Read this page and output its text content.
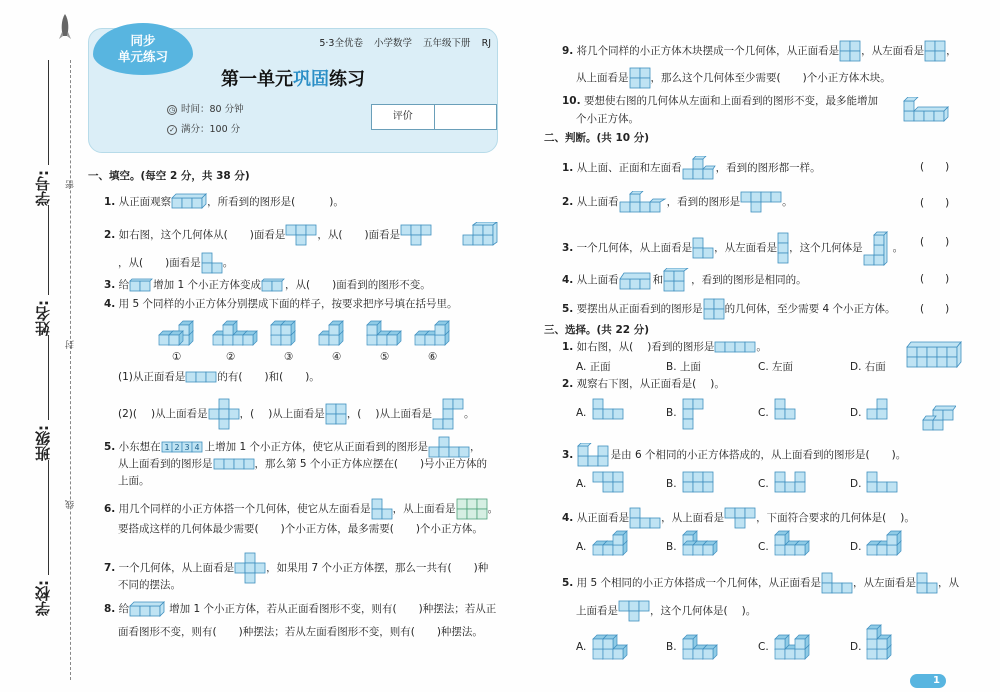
学号:
姓名:
班级:
学校:
密
封
线
同步
单元练习
5·3全优卷 小学数学 五年级下册 RJ
第一单元巩固练习
◷ 时间：80 分钟
✓ 满分：100 分
评价
一、填空。(每空 2 分，共 38 分)
1. 从正面观察	，所看到的图形是(	)。
2. 如右图，这个几何体从( )面看是	，从( )面看是
，从( )面看是 。
3. 给 增加 1 个小正方体变成 ，从( )面看到的图形不变。
4. 用 5 个同样的小正方体分别摆成下面的样子，按要求把序号填在括号里。
①	②	③	④	⑤	⑥
(1)从正面看是	的有( )和( )。
(2)( )从上面看是	，( )从上面看是 ，( )从上面看是	。
5. 小东想在 1 2 3 4 上增加 1 个小正方体，使它从正面看到的图形是	，
从上面看到的图形是	，那么第 5 个小正方体应摆在( )号小正方体的
上面。
6. 用几个同样的小正方体搭一个几何体，使它从左面看是 ，从上面看是	。
要搭成这样的几何体最少需要( )个小正方体，最多需要( )个小正方体。
7. 一个几何体，从上面看是	，如果用 7 个小正方体摆，那么一共有( )种
不同的摆法。
8. 给	增加 1 个小正方体，若从正面看图形不变，则有( )种摆法；若从正
面看图形不变，则有( )种摆法；若从左面看图形不变，则有( )种摆法。
9. 将几个同样的小正方体木块摆成一个几何体，从正面看是 ，从左面看是 ，
从上面看是 ，那么这个几何体至少需要( )个小正方体木块。
10. 要想使右图的几何体从左面和上面看到的图形不变，最多能增加
个小正方体。
二、判断。(共 10 分)
1. 从上面、正面和左面看	，看到的图形都一样。	(　　)
2. 从上面看	，看到的图形是	。	(　　)
3. 一个几何体，从上面看是 ，从左面看是 ，这个几何体是	。 (　　)
4. 从上面看	和	，看到的图形是相同的。	(　　)
5. 要摆出从正面看到的图形是 的几何体，至少需要 4 个小正方体。 (　　)
三、选择。(共 22 分)
1. 如右图，从( )看到的图形是	。
A. 正面	B. 上面	C. 左面	D. 右面
2. 观察右下图，从正面看是( )。
A.	B.	C.	D.
3.	是由 6 个相同的小正方体搭成的，从上面看到的图形是( )。
A.	B.	C.	D.
4. 从正面看是	，从上面看是	，下面符合要求的几何体是( )。
A.	B.	C.	D.
5. 用 5 个相同的小正方体搭成一个几何体，从正面看是	，从左面看是 ，从
上面看是	，这个几何体是( )。
A.	B.	C.	D.
1
